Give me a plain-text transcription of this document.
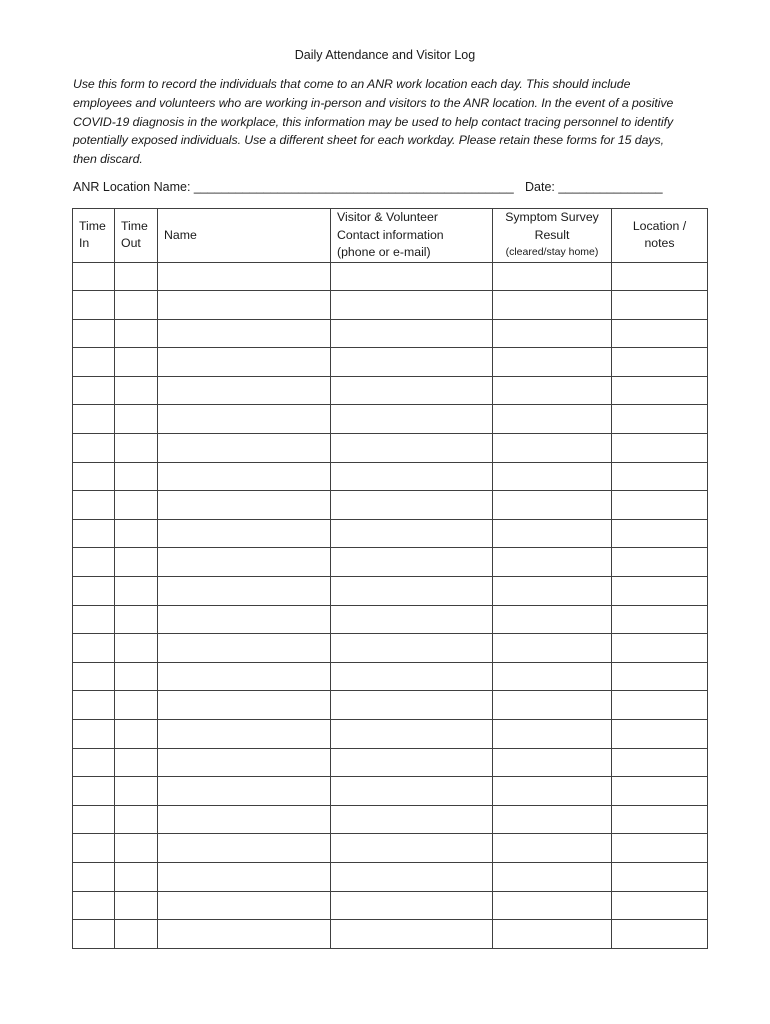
Daily Attendance and Visitor Log
Use this form to record the individuals that come to an ANR work location each day. This should include
employees and volunteers who are working in-person and visitors to the ANR location. In the event of a positive
COVID-19 diagnosis in the workplace, this information may be used to help contact tracing personnel to identify
potentially exposed individuals. Use a different sheet for each workday. Please retain these forms for 15 days,
then discard.
ANR Location Name: ______________________________________________ Date: _______________
Time
In	Time
Out	Name	Visitor & Volunteer
Contact information
(phone or e-mail)	Symptom Survey
Result
(cleared/stay home)	Location /
notes
